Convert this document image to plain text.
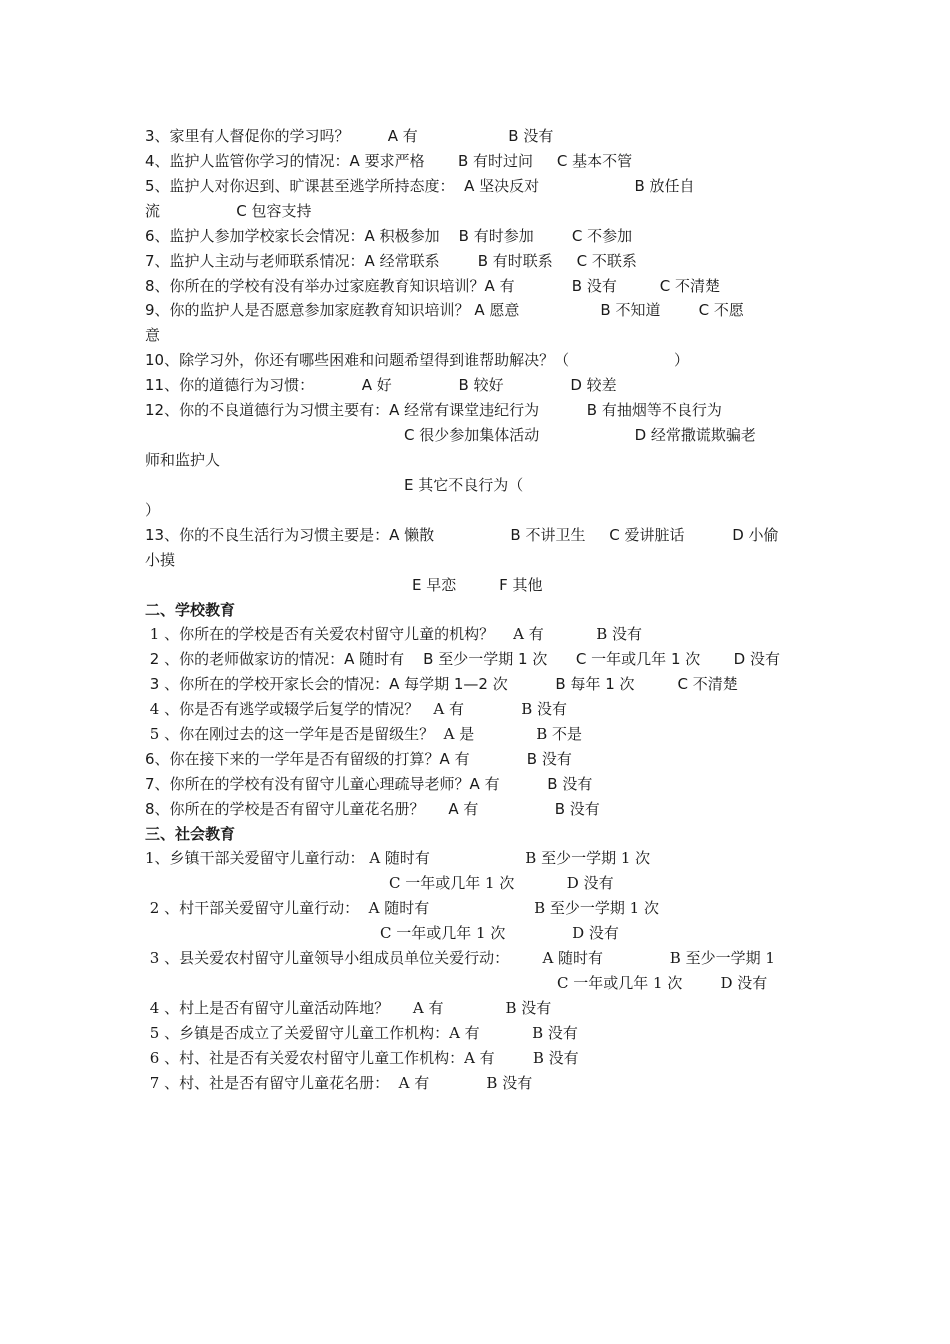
3、家里有人督促你的学习吗？        A 有                   B 没有
4、监护人监管你学习的情况：A 要求严格       B 有时过问     C 基本不管
5、监护人对你迟到、旷课甚至逃学所持态度：  A 坚决反对                    B 放任自
流                C 包容支持
6、监护人参加学校家长会情况：A 积极参加    B 有时参加        C 不参加
7、监护人主动与老师联系情况：A 经常联系        B 有时联系     C 不联系
8、你所在的学校有没有举办过家庭教育知识培训？A 有            B 没有         C 不清楚
9、你的监护人是否愿意参加家庭教育知识培训？ A 愿意                 B 不知道        C 不愿
意
10、除学习外，你还有哪些困难和问题希望得到谁帮助解决？（                      ）
11、你的道德行为习惯：          A 好              B 较好              D 较差
12、你的不良道德行为习惯主要有：A 经常有课堂违纪行为          B 有抽烟等不良行为
C 很少参加集体活动                    D 经常撒谎欺骗老
师和监护人
E 其它不良行为（
）
13、你的不良生活行为习惯主要是：A 懒散                B 不讲卫生     C 爱讲脏话          D 小偷
小摸
E 早恋         F 其他
二、学校教育
1 、你所在的学校是否有关爱农村留守儿童的机构？    A 有           B 没有
2 、你的老师做家访的情况：A 随时有    B 至少一学期 1 次      C 一年或几年 1 次       D 没有
3 、你所在的学校开家长会的情况：A 每学期 1—2 次          B 每年 1 次         C 不清楚
4 、你是否有逃学或辍学后复学的情况？   A 有            B 没有
5 、你在刚过去的这一学年是否是留级生？  A 是             B 不是
6、你在接下来的一学年是否有留级的打算？A 有            B 没有
7、你所在的学校有没有留守儿童心理疏导老师？A 有          B 没有
8、你所在的学校是否有留守儿童花名册？     A 有                B 没有
三、社会教育
1、乡镇干部关爱留守儿童行动： A 随时有                    B 至少一学期 1 次
C 一年或几年 1 次           D 没有
2 、村干部关爱留守儿童行动：  A 随时有                      B 至少一学期 1 次
C 一年或几年 1 次              D 没有
3 、县关爱农村留守儿童领导小组成员单位关爱行动：       A 随时有              B 至少一学期 1
C 一年或几年 1 次        D 没有
4 、村上是否有留守儿童活动阵地？     A 有             B 没有
5 、乡镇是否成立了关爱留守儿童工作机构：A 有           B 没有
6 、村、社是否有关爱农村留守儿童工作机构：A 有        B 没有
7 、村、社是否有留守儿童花名册：  A 有            B 没有
